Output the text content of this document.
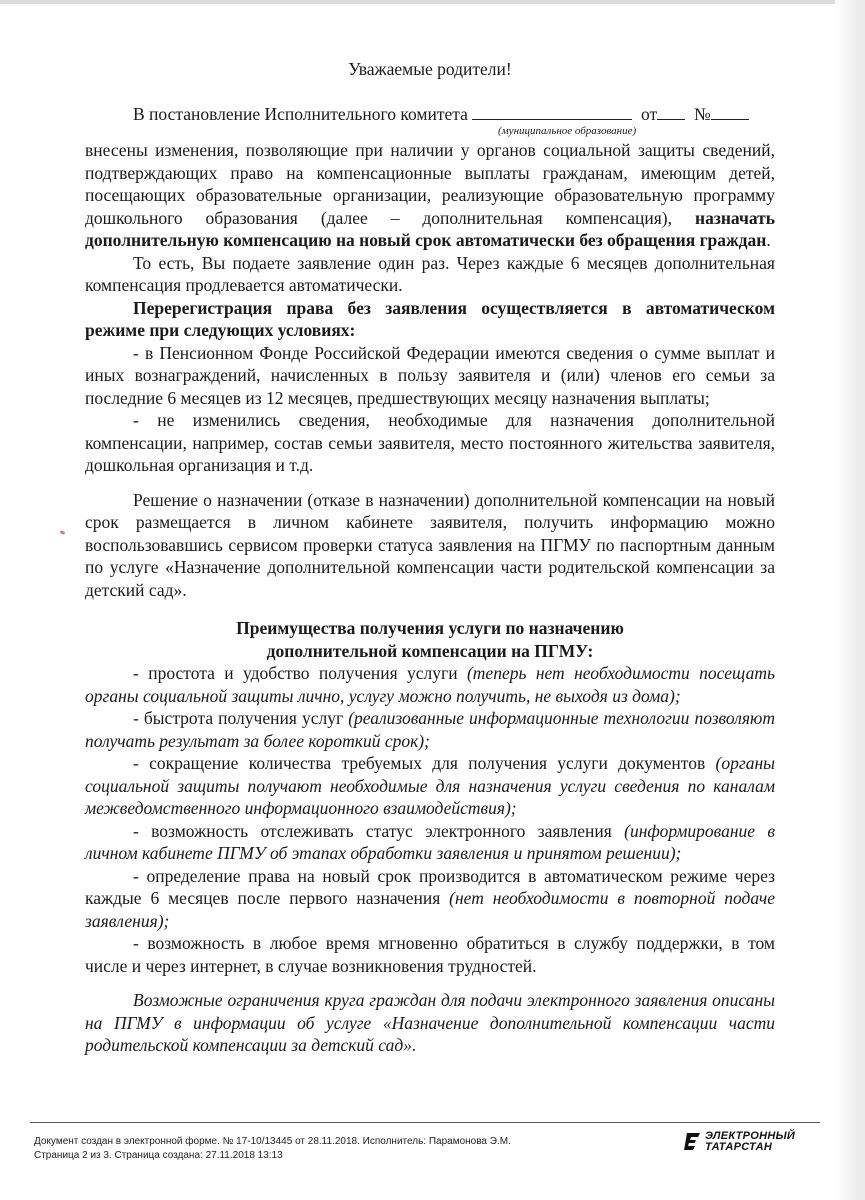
Уважаемые родители!
В постановление Исполнительного комитета	от №
(муниципальное образование)

внесены изменения, позволяющие при наличии у органов социальной защиты сведений, подтверждающих право на компенсационные выплаты гражданам, имеющим детей, посещающих образовательные организации, реализующие образовательную программу дошкольного образования (далее – дополнительная компенсация), назначать дополнительную компенсацию на новый срок автоматически без обращения граждан.

То есть, Вы подаете заявление один раз. Через каждые 6 месяцев дополнительная компенсация продлевается автоматически.

Перерегистрация права без заявления осуществляется в автоматическом режиме при следующих условиях:

- в Пенсионном Фонде Российской Федерации имеются сведения о сумме выплат и иных вознаграждений, начисленных в пользу заявителя и (или) членов его семьи за последние 6 месяцев из 12 месяцев, предшествующих месяцу назначения выплаты;

- не изменились сведения, необходимые для назначения дополнительной компенсации, например, состав семьи заявителя, место постоянного жительства заявителя, дошкольная организация и т.д.

Решение о назначении (отказе в назначении) дополнительной компенсации на новый срок размещается в личном кабинете заявителя, получить информацию можно воспользовавшись сервисом проверки статуса заявления на ПГМУ по паспортным данным по услуге «Назначение дополнительной компенсации части родительской компенсации за детский сад».

Преимущества получения услуги по назначению
дополнительной компенсации на ПГМУ:

- простота и удобство получения услуги (теперь нет необходимости посещать органы социальной защиты лично, услугу можно получить, не выходя из дома);

- быстрота получения услуг (реализованные информационные технологии позволяют получать результат за более короткий срок);

- сокращение количества требуемых для получения услуги документов (органы социальной защиты получают необходимые для назначения услуги сведения по каналам межведомственного информационного взаимодействия);

- возможность отслеживать статус электронного заявления (информирование в личном кабинете ПГМУ об этапах обработки заявления и принятом решении);

- определение права на новый срок производится в автоматическом режиме через каждые 6 месяцев после первого назначения (нет необходимости в повторной подаче заявления);

- возможность в любое время мгновенно обратиться в службу поддержки, в том числе и через интернет, в случае возникновения трудностей.

Возможные ограничения круга граждан для подачи электронного заявления описаны на ПГМУ в информации об услуге «Назначение дополнительной компенсации части родительской компенсации за детский сад».

Документ создан в электронной форме. № 17-10/13445 от 28.11.2018. Исполнитель: Парамонова Э.М.
Страница 2 из 3. Страница создана: 27.11.2018 13:13
ЭЛЕКТРОННЫЙ
ТАТАРСТАН
